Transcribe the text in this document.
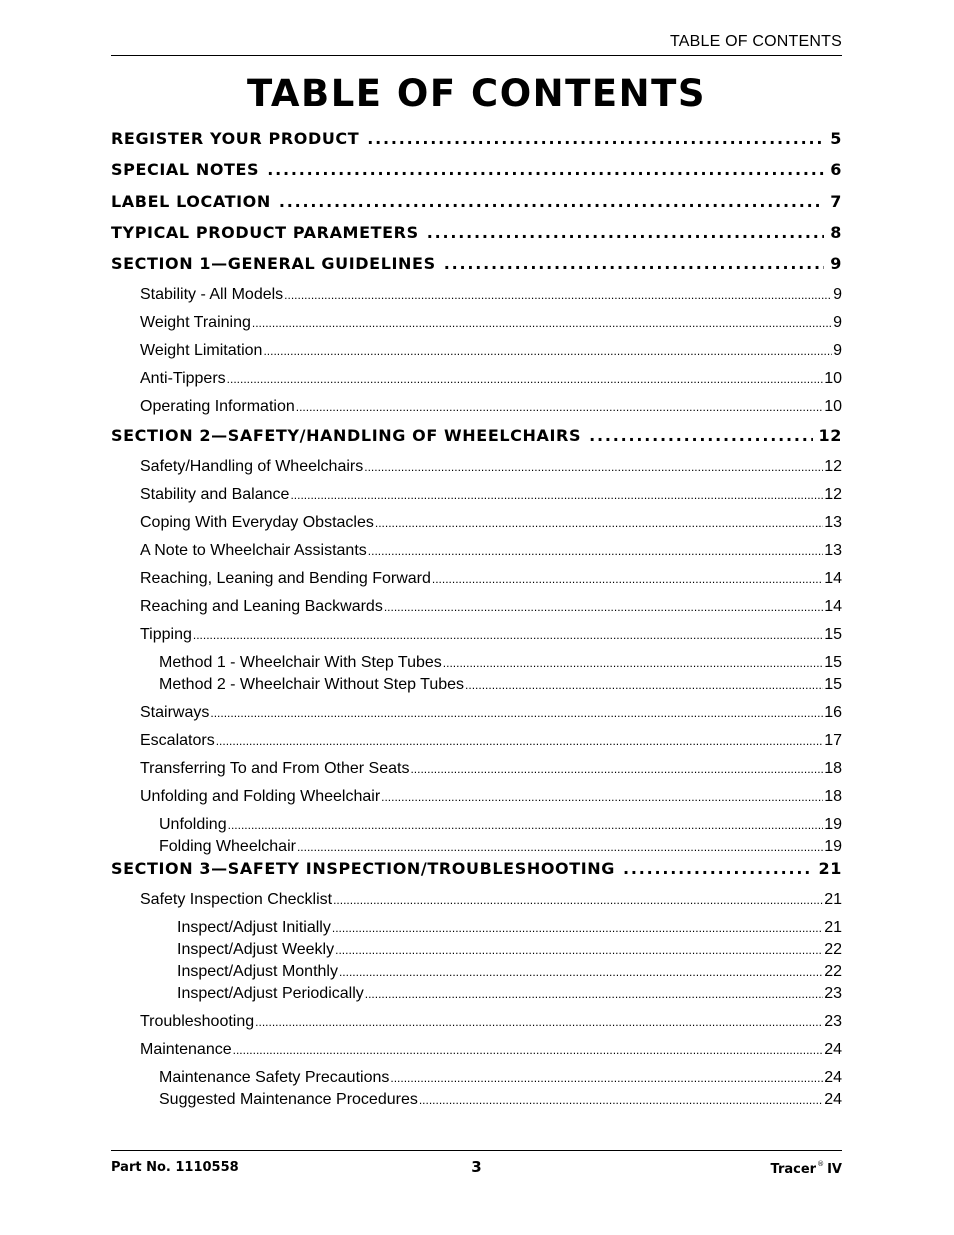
TABLE OF CONTENTS
TABLE OF CONTENTS
REGISTER YOUR PRODUCT .....	5
SPECIAL NOTES .....	6
LABEL LOCATION .....	7
TYPICAL PRODUCT PARAMETERS .....	8
SECTION 1—GENERAL GUIDELINES .....	9
Stability - All Models .....	9
Weight Training .....	9
Weight Limitation .....	9
Anti-Tippers .....	10
Operating Information .....	10
SECTION 2—SAFETY/HANDLING OF WHEELCHAIRS .....	12
Safety/Handling of Wheelchairs .....	12
Stability and Balance .....	12
Coping With Everyday Obstacles .....	13
A Note to Wheelchair Assistants .....	13
Reaching, Leaning and Bending Forward .....	14
Reaching and Leaning Backwards .....	14
Tipping .....	15
Method 1 - Wheelchair With Step Tubes .....	15
Method 2 - Wheelchair Without Step Tubes .....	15
Stairways .....	16
Escalators .....	17
Transferring To and From Other Seats .....	18
Unfolding and Folding Wheelchair .....	18
Unfolding .....	19
Folding Wheelchair .....	19
SECTION 3—SAFETY INSPECTION/TROUBLESHOOTING .....	21
Safety Inspection Checklist .....	21
Inspect/Adjust Initially .....	21
Inspect/Adjust Weekly .....	22
Inspect/Adjust Monthly .....	22
Inspect/Adjust Periodically .....	23
Troubleshooting .....	23
Maintenance .....	24
Maintenance Safety Precautions .....	24
Suggested Maintenance Procedures .....	24
Part No. 1110558	3	Tracer® IV
